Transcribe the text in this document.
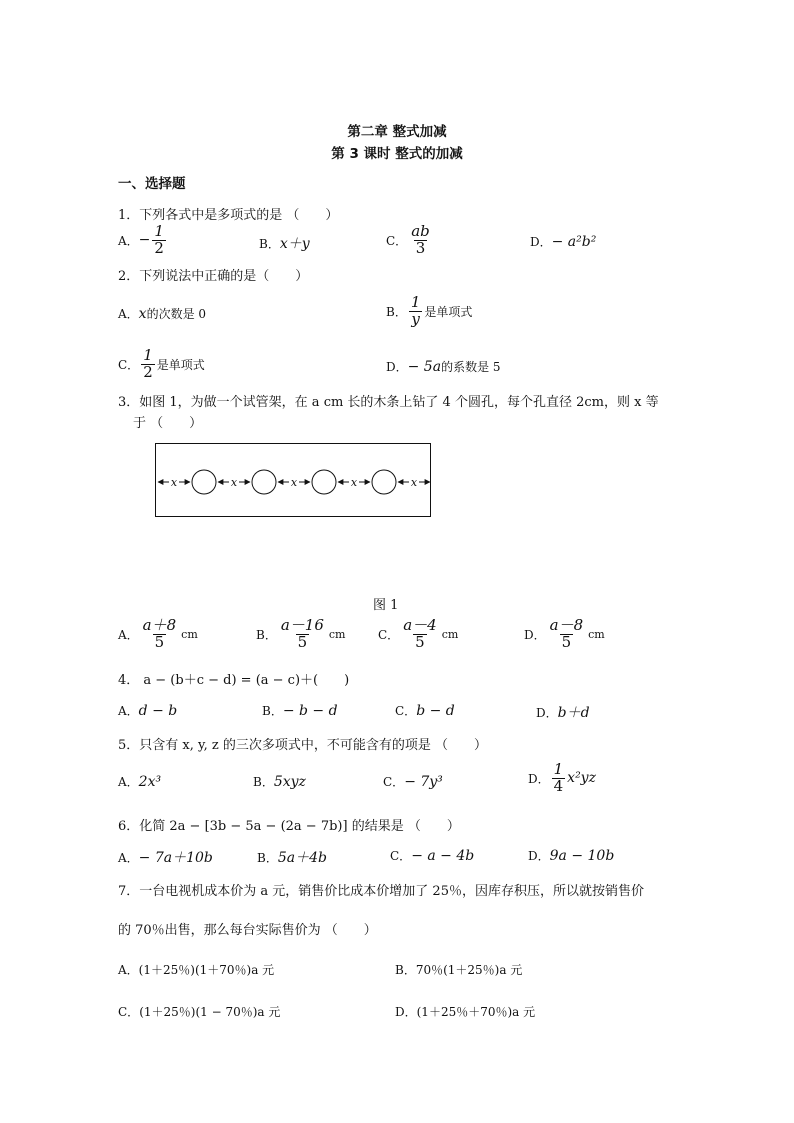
第二章 整式加减
第 3 课时 整式的加减
一、选择题
1．下列各式中是多项式的是 （　　）
A． − $\frac{1}{2}$	B． x＋y	C． $\frac{ab}{3}$	D． − a²b²
2．下列说法中正确的是（　　）
A． x 的次数是 0	B． $\frac{1}{y}$ 是单项式
C． $\frac{1}{2}$ 是单项式	D． − 5a 的系数是 5
3．如图 1，为做一个试管架，在 a cm 长的木条上钻了 4 个圆孔，每个孔直径 2cm，则 x 等
于 （　　）
x	x	x	x	x
图 1
A． $\frac{a+8}{5}$ cm	B． $\frac{a-16}{5}$ cm	C． $\frac{a-4}{5}$ cm	D． $\frac{a-8}{5}$ cm
4． a − (b＋c − d) = (a − c)＋(　　)
A． d − b	B． − b − d	C． b − d	D． b＋d
5．只含有 x, y, z 的三次多项式中，不可能含有的项是 （　　）
A． 2x³	B． 5xyz	C． − 7y³	D． $\frac{1}{4} x^2yz$
6．化简 2a − [3b − 5a − (2a − 7b)] 的结果是 （　　）
A． − 7a＋10b	B． 5a＋4b	C． − a − 4b	D． 9a − 10b
7．一台电视机成本价为 a 元，销售价比成本价增加了 25％，因库存积压，所以就按销售价
的 70％出售，那么每台实际售价为 （　　）
A． (1＋25％)(1＋70％)a 元	B． 70％(1＋25％)a 元
C． (1＋25％)(1 − 70％)a 元	D． (1＋25％＋70％)a 元
